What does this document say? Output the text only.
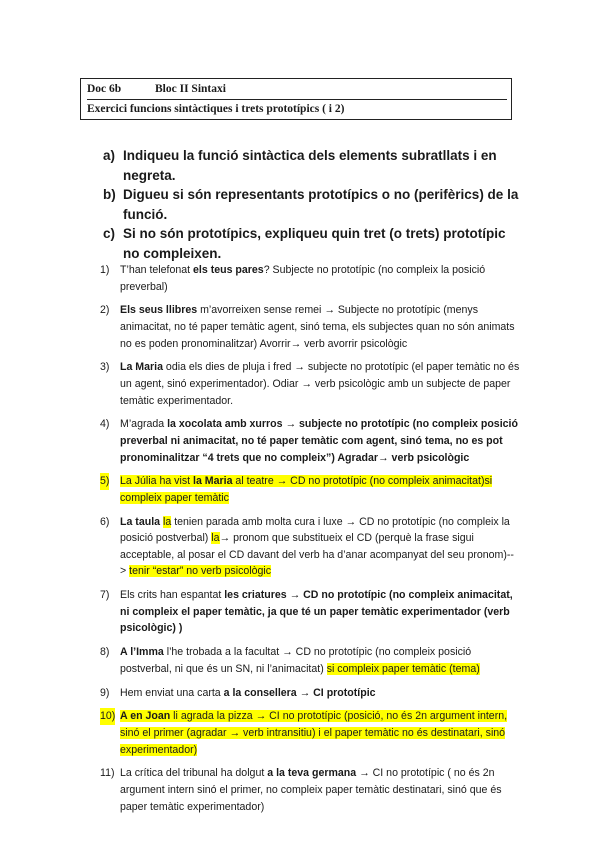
Doc 6b	Bloc II Sintaxi
Exercici funcions sintàctiques i trets prototípics ( i 2)
a) Indiqueu la funció sintàctica dels elements subratllats i en negreta.
b) Digueu si són representants prototípics o no (perifèrics) de la funció.
c) Si no són prototípics, expliqueu quin tret (o trets) prototípic no compleixen.
1) T’han telefonat els teus pares? Subjecte no prototípic (no compleix la posició preverbal)
2) Els seus llibres m’avorreixen sense remei → Subjecte no prototípic (menys animacitat, no té paper temàtic agent, sinó tema, els subjectes quan no són animats no es poden pronominalitzar) Avorrir→ verb avorrir psicològic
3) La Maria odia els dies de pluja i fred → subjecte no prototípic (el paper temàtic no és un agent, sinó experimentador). Odiar → verb psicològic amb un subjecte de paper temàtic experimentador.
4) M’agrada la xocolata amb xurros → subjecte no prototípic (no compleix posició preverbal ni animacitat, no té paper temàtic com agent, sinó tema, no es pot pronominalitzar “4 trets que no compleix”) Agradar→ verb psicològic
5) La Júlia ha vist la Maria al teatre → CD no prototípic (no compleix animacitat)si compleix paper temàtic
6) La taula la tenien parada amb molta cura i luxe → CD no prototípic (no compleix la posició postverbal) la→ pronom que substitueix el CD (perquè la frase sigui acceptable, al posar el CD davant del verb ha d’anar acompanyat del seu pronom)--> tenir “estar” no verb psicològic
7) Els crits han espantat les criatures → CD no prototípic (no compleix animacitat, ni compleix el paper temàtic, ja que té un paper temàtic experimentador (verb psicològic) )
8) A l’Imma l’he trobada a la facultat → CD no prototípic (no compleix posició postverbal, ni que és un SN, ni l’animacitat) si compleix paper temàtic (tema)
9) Hem enviat una carta a la consellera → CI prototípic
10) A en Joan li agrada la pizza → CI no prototípic (posició, no és 2n argument intern, sinó el primer (agradar → verb intransitiu) i el paper temàtic no és destinatari, sinó experimentador)
11) La crítica del tribunal ha dolgut a la teva germana → CI no prototípic ( no és 2n argument intern sinó el primer, no compleix paper temàtic destinatari, sinó que és paper temàtic experimentador)
